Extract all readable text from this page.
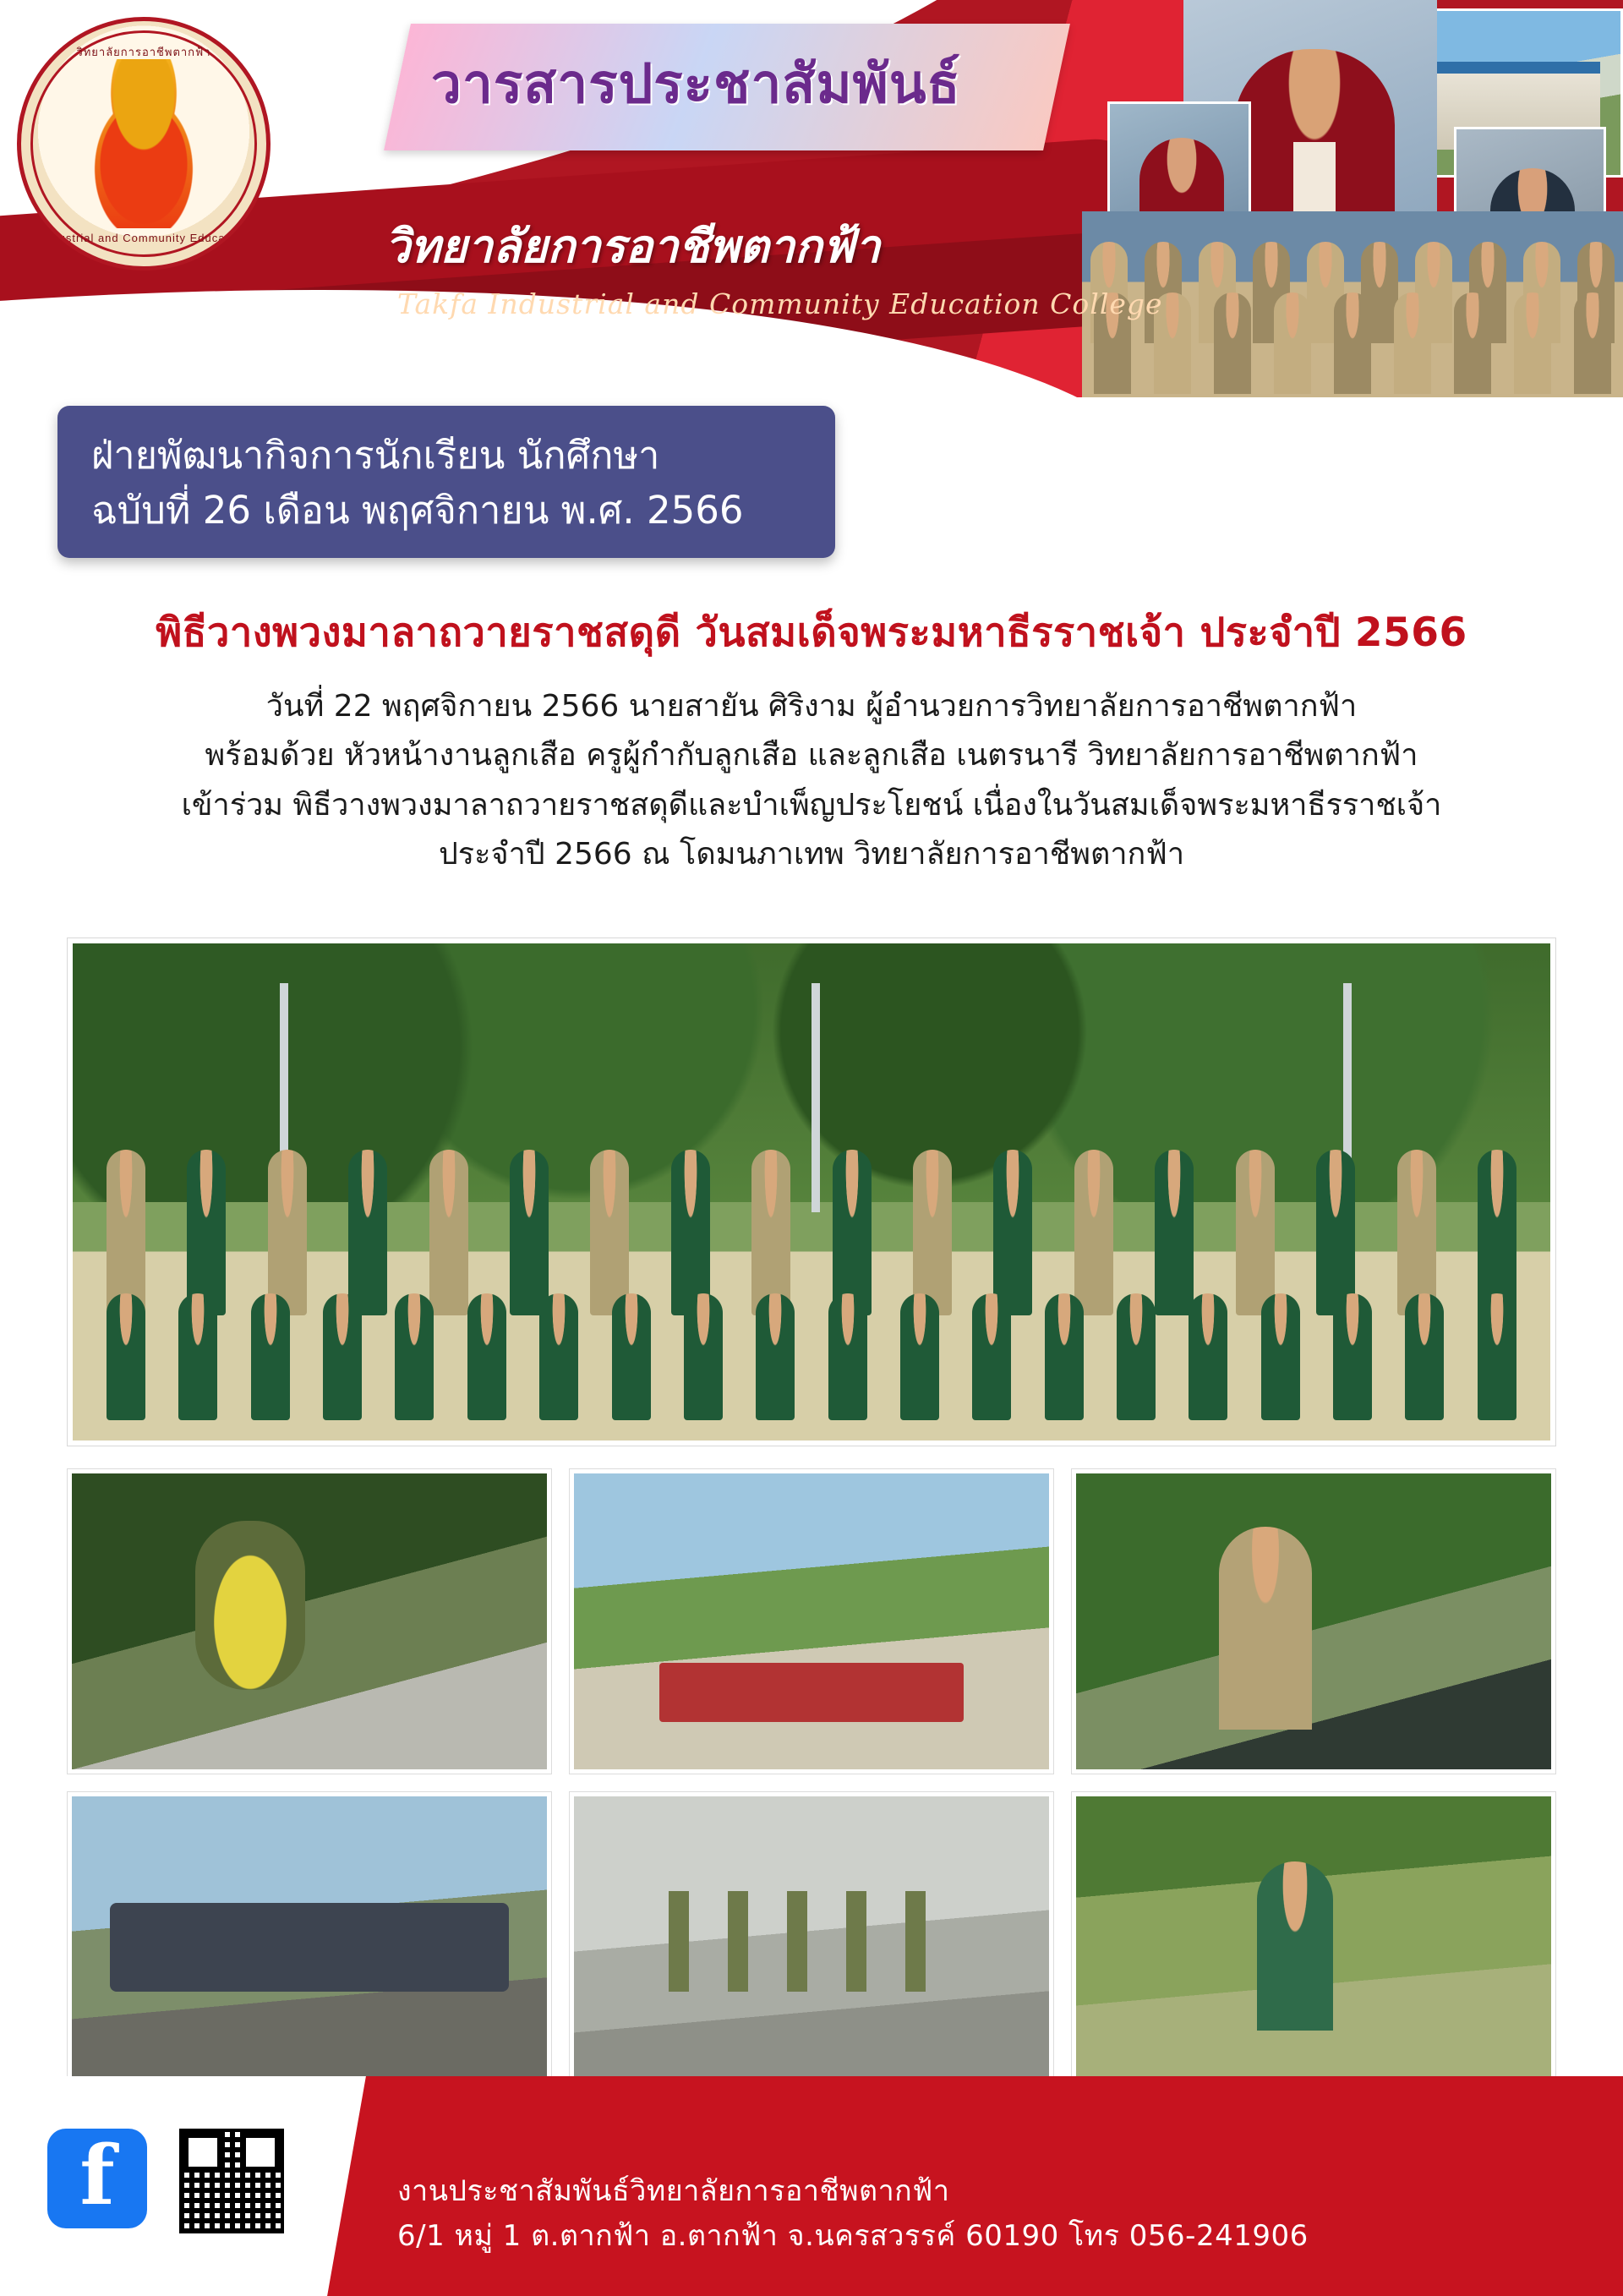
วิทยาลัยการอาชีพตากฟ้า
Industrial and Community Education
วารสารประชาสัมพันธ์
วิทยาลัยการอาชีพตากฟ้า
Takfa Industrial and Community Education College
ฝ่ายพัฒนากิจการนักเรียน นักศึกษา
ฉบับที่ 26 เดือน พฤศจิกายน พ.ศ. 2566
พิธีวางพวงมาลาถวายราชสดุดี วันสมเด็จพระมหาธีรราชเจ้า ประจำปี 2566
วันที่ 22 พฤศจิกายน 2566 นายสายัน ศิริงาม ผู้อำนวยการวิทยาลัยการอาชีพตากฟ้า
พร้อมด้วย หัวหน้างานลูกเสือ ครูผู้กำกับลูกเสือ และลูกเสือ เนตรนารี วิทยาลัยการอาชีพตากฟ้า
เข้าร่วม พิธีวางพวงมาลาถวายราชสดุดีและบำเพ็ญประโยชน์ เนื่องในวันสมเด็จพระมหาธีรราชเจ้า
ประจำปี 2566 ณ โดมนภาเทพ วิทยาลัยการอาชีพตากฟ้า
f	งานประชาสัมพันธ์วิทยาลัยการอาชีพตากฟ้า
6/1 หมู่ 1 ต.ตากฟ้า อ.ตากฟ้า จ.นครสวรรค์ 60190 โทร 056-241906
